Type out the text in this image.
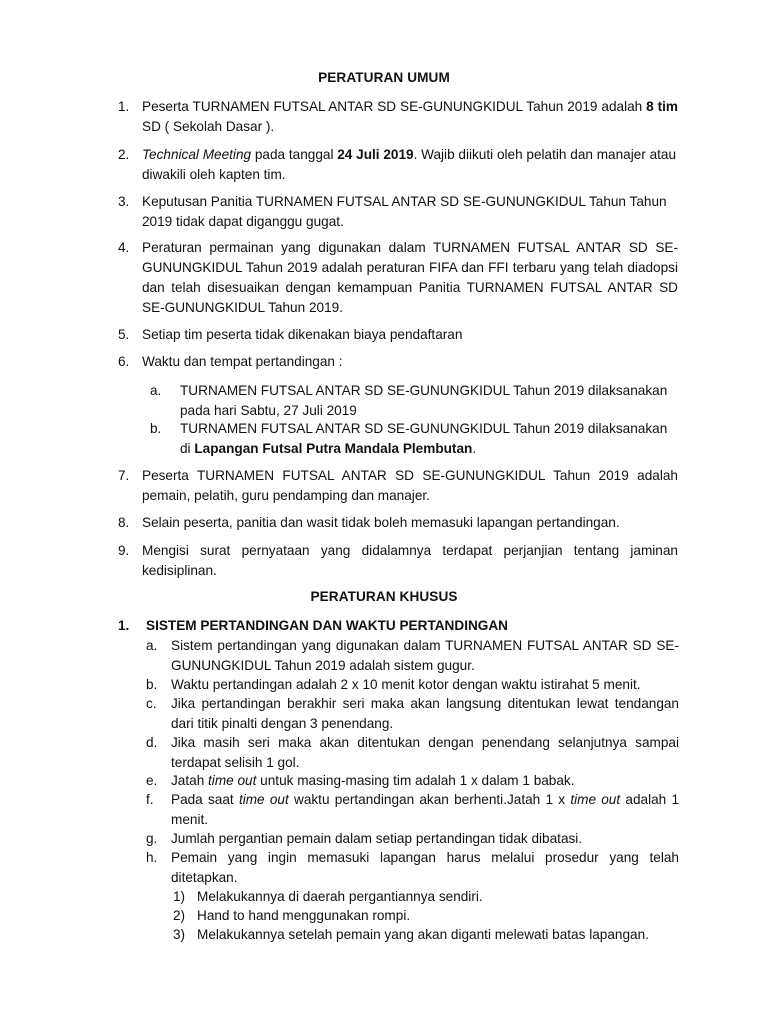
PERATURAN UMUM
1. Peserta TURNAMEN FUTSAL ANTAR SD SE-GUNUNGKIDUL Tahun 2019 adalah 8 tim SD ( Sekolah Dasar ).
2. Technical Meeting pada tanggal 24 Juli 2019. Wajib diikuti oleh pelatih dan manajer atau diwakili oleh kapten tim.
3. Keputusan Panitia TURNAMEN FUTSAL ANTAR SD SE-GUNUNGKIDUL Tahun Tahun 2019 tidak dapat diganggu gugat.
4. Peraturan permainan yang digunakan dalam TURNAMEN FUTSAL ANTAR SD SE-GUNUNGKIDUL Tahun 2019 adalah peraturan FIFA dan FFI terbaru yang telah diadopsi dan telah disesuaikan dengan kemampuan Panitia TURNAMEN FUTSAL ANTAR SD SE-GUNUNGKIDUL Tahun 2019.
5. Setiap tim peserta tidak dikenakan biaya pendaftaran
6. Waktu dan tempat pertandingan :
a. TURNAMEN FUTSAL ANTAR SD SE-GUNUNGKIDUL Tahun 2019 dilaksanakan pada hari Sabtu, 27 Juli 2019
b. TURNAMEN FUTSAL ANTAR SD SE-GUNUNGKIDUL Tahun 2019 dilaksanakan di Lapangan Futsal Putra Mandala Plembutan.
7. Peserta TURNAMEN FUTSAL ANTAR SD SE-GUNUNGKIDUL Tahun 2019 adalah pemain, pelatih, guru pendamping dan manajer.
8. Selain peserta, panitia dan wasit tidak boleh memasuki lapangan pertandingan.
9. Mengisi surat pernyataan yang didalamnya terdapat perjanjian tentang jaminan kedisiplinan.
PERATURAN KHUSUS
1. SISTEM PERTANDINGAN DAN WAKTU PERTANDINGAN
a. Sistem pertandingan yang digunakan dalam TURNAMEN FUTSAL ANTAR SD SE-GUNUNGKIDUL Tahun 2019 adalah sistem gugur.
b. Waktu pertandingan adalah 2 x 10 menit kotor dengan waktu istirahat 5 menit.
c. Jika pertandingan berakhir seri maka akan langsung ditentukan lewat tendangan dari titik pinalti dengan 3 penendang.
d. Jika masih seri maka akan ditentukan dengan penendang selanjutnya sampai terdapat selisih 1 gol.
e. Jatah time out untuk masing-masing tim adalah 1 x dalam 1 babak.
f. Pada saat time out waktu pertandingan akan berhenti.Jatah 1 x time out adalah 1 menit.
g. Jumlah pergantian pemain dalam setiap pertandingan tidak dibatasi.
h. Pemain yang ingin memasuki lapangan harus melalui prosedur yang telah ditetapkan.
1) Melakukannya di daerah pergantiannya sendiri.
2) Hand to hand menggunakan rompi.
3) Melakukannya setelah pemain yang akan diganti melewati batas lapangan.
